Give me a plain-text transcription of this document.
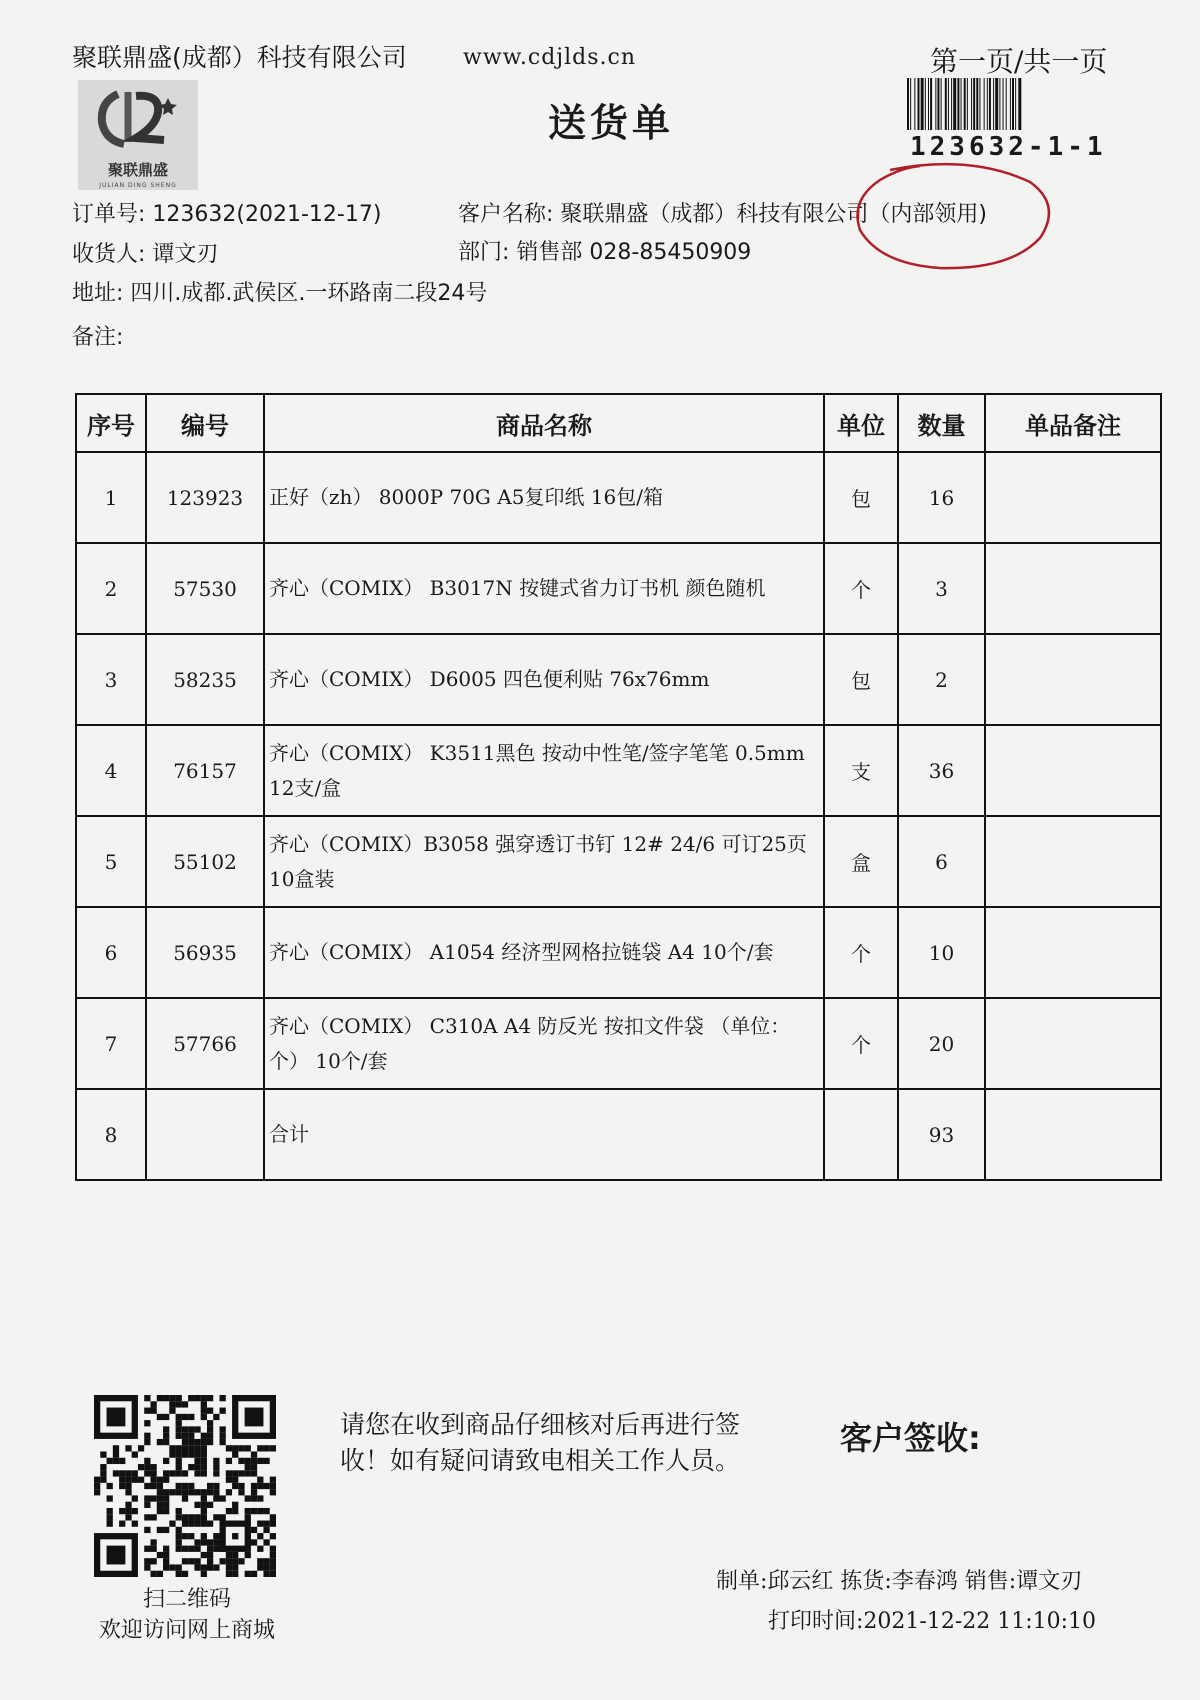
聚联鼎盛(成都）科技有限公司	www.cdjlds.cn	第一页/共一页
聚联鼎盛
JULIAN DING SHENG
送货单
123632-1-1
订单号: 123632(2021-12-17)	客户名称: 聚联鼎盛（成都）科技有限公司（内部领用)
收货人: 谭文刃	部门: 销售部 028-85450909
地址: 四川.成都.武侯区.一环路南二段24号
备注:
序号	编号	商品名称	单位	数量	单品备注
1	123923	正好（zh） 8000P 70G A5复印纸 16包/箱	包	16	
2	57530	齐心（COMIX） B3017N 按键式省力订书机 颜色随机	个	3	
3	58235	齐心（COMIX） D6005 四色便利贴 76x76mm	包	2	
4	76157	齐心（COMIX） K3511黑色 按动中性笔/签字笔笔 0.5mm 12支/盒	支	36	
5	55102	齐心（COMIX）B3058 强穿透订书钉 12# 24/6 可订25页 10盒装	盒	6	
6	56935	齐心（COMIX） A1054 经济型网格拉链袋 A4 10个/套	个	10	
7	57766	齐心（COMIX） C310A A4 防反光 按扣文件袋 （单位：个） 10个/套	个	20	
8		合计		93	
扫二维码
欢迎访问网上商城
请您在收到商品仔细核对后再进行签收！如有疑问请致电相关工作人员。
客户签收:
制单:邱云红 拣货:李春鸿 销售:谭文刃
打印时间:2021-12-22 11:10:10
